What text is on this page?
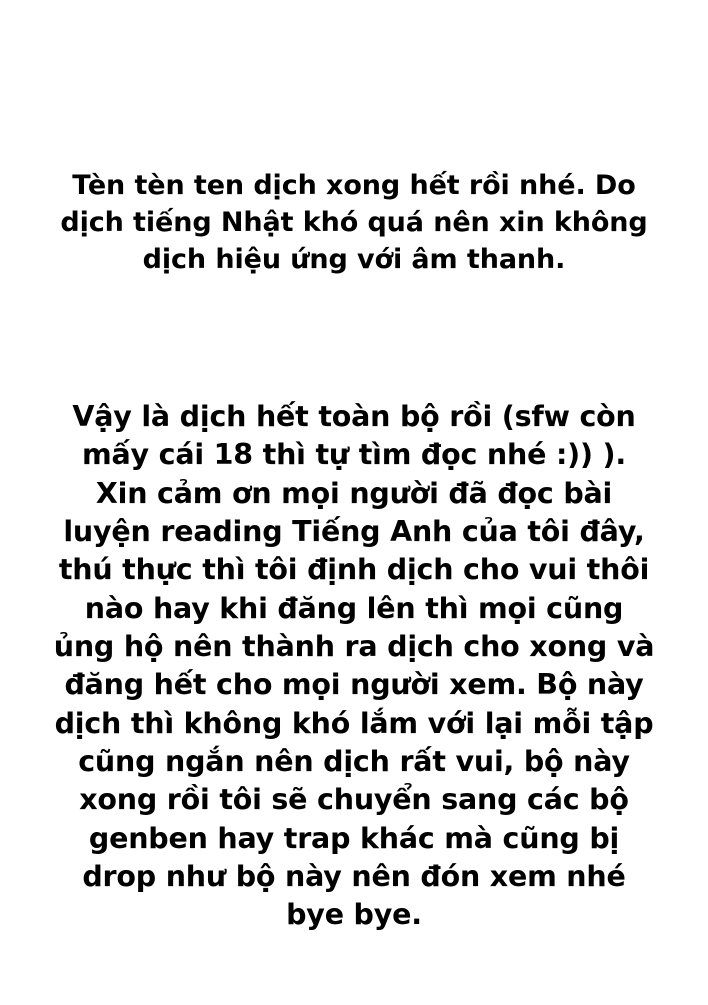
Tèn tèn ten dịch xong hết rồi nhé. Do dịch tiếng Nhật khó quá nên xin không dịch hiệu ứng với âm thanh.
Vậy là dịch hết toàn bộ rồi (sfw còn mấy cái 18 thì tự tìm đọc nhé :)) ). Xin cảm ơn mọi người đã đọc bài luyện reading Tiếng Anh của tôi đây, thú thực thì tôi định dịch cho vui thôi nào hay khi đăng lên thì mọi cũng ủng hộ nên thành ra dịch cho xong và đăng hết cho mọi người xem. Bộ này dịch thì không khó lắm với lại mỗi tập cũng ngắn nên dịch rất vui, bộ này xong rồi tôi sẽ chuyển sang các bộ genben hay trap khác mà cũng bị drop như bộ này nên đón xem nhé bye bye.
